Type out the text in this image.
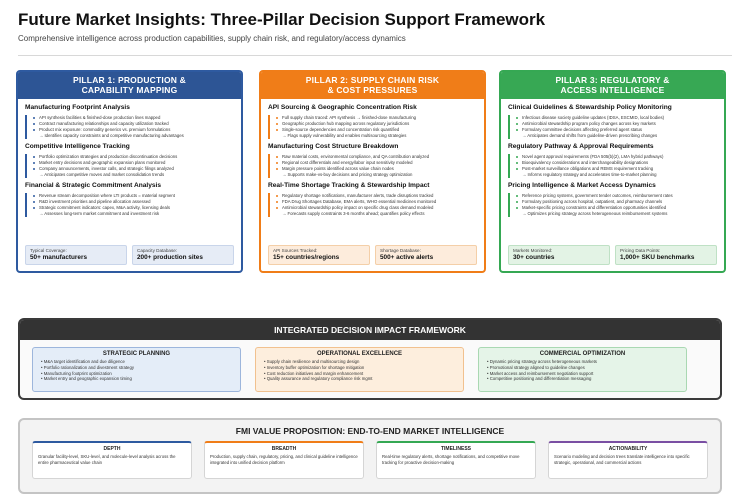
Future Market Insights: Three-Pillar Decision Support Framework
Comprehensive intelligence across production capabilities, supply chain risk, and regulatory/access dynamics
PILLAR 1: PRODUCTION &
CAPABILITY MAPPING
Manufacturing Footprint Analysis
API synthesis facilities & finished-dose production lines mapped
Contract manufacturing relationships and capacity utilization tracked
Product mix exposure: commodity generics vs. premium formulations
→ Identifies capacity constraints and competitive manufacturing advantages
Competitive Intelligence Tracking
Portfolio optimization strategies and production discontinuation decisions
Market entry decisions and geographic expansion plans monitored
Company announcements, investor calls, and strategic filings analyzed
→ Anticipates competitive moves and market consolidation trends
Financial & Strategic Commitment Analysis
Revenue stream decomposition where LTI products = material segment
R&D investment priorities and pipeline allocation assessed
Strategic commitment indicators: capex, M&A activity, licensing deals
→ Assesses long-term market commitment and investment risk
Typical Coverage:
50+ manufacturers
Capacity Database:
200+ production sites
PILLAR 2: SUPPLY CHAIN RISK
& COST PRESSURES
API Sourcing & Geographic Concentration Risk
Full supply chain traced: API synthesis → finished-dose manufacturing
Geographic production hub mapping across regulatory jurisdictions
Single-source dependencies and concentration risk quantified
→ Flags supply vulnerability and enables multisourcing strategies
Manufacturing Cost Structure Breakdown
Raw material costs, environmental compliance, and QA contribution analyzed
Regional cost differentials and energy/labor input sensitivity modeled
Margin pressure points identified across value chain nodes
→ Supports make-vs-buy decisions and pricing strategy optimization
Real-Time Shortage Tracking & Stewardship Impact
Regulatory shortage notifications, manufacturer alerts, trade disruptions tracked
FDA Drug Shortages Database, EMA alerts, WHO essential medicines monitored
Antimicrobial stewardship policy impact on specific drug class demand modeled
→ Forecasts supply constraints 3-6 months ahead; quantifies policy effects
API Sources Tracked:
15+ countries/regions
Shortage Database:
500+ active alerts
PILLAR 3: REGULATORY &
ACCESS INTELLIGENCE
Clinical Guidelines & Stewardship Policy Monitoring
Infectious disease society guideline updates (IDSA, ESCMID, local bodies)
Antimicrobial stewardship program policy changes across key markets
Formulary committee decisions affecting preferred agent status
→ Anticipates demand shifts from guideline-driven prescribing changes
Regulatory Pathway & Approval Requirements
Novel agent approval requirements (FDA 505(b)(2), LMA hybrid pathways)
Bioequivalency considerations and interchangeability designations
Post-market surveillance obligations and REMS requirement tracking
→ Informs regulatory strategy and accelerates time-to-market planning
Pricing Intelligence & Market Access Dynamics
Reference pricing systems, government tender outcomes, reimbursement rates
Formulary positioning across hospital, outpatient, and pharmacy channels
Market-specific pricing constraints and differentiation opportunities identified
→ Optimizes pricing strategy across heterogeneous reimbursement systems
Markets Monitored:
30+ countries
Pricing Data Points:
1,000+ SKU benchmarks
INTEGRATED DECISION IMPACT FRAMEWORK
STRATEGIC PLANNING
• M&A target identification and due diligence
• Portfolio rationalization and divestment strategy
• Manufacturing footprint optimization
• Market entry and geographic expansion timing
OPERATIONAL EXCELLENCE
• Supply chain resilience and multisourcing design
• Inventory buffer optimization for shortage mitigation
• Cost reduction initiatives and margin enhancement
• Quality assurance and regulatory compliance risk mgmt
COMMERCIAL OPTIMIZATION
• Dynamic pricing strategy across heterogeneous markets
• Promotional strategy aligned to guideline changes
• Market access and reimbursement negotiation support
• Competitive positioning and differentiation messaging
FMI VALUE PROPOSITION: END-TO-END MARKET INTELLIGENCE
DEPTH
Granular facility-level, SKU-level, and molecule-level analysis across the entire pharmaceutical value chain
BREADTH
Production, supply chain, regulatory, pricing, and clinical guideline intelligence integrated into unified decision platform
TIMELINESS
Real-time regulatory alerts, shortage notifications, and competitive move tracking for proactive decision-making
ACTIONABILITY
Scenario modeling and decision trees translate intelligence into specific strategic, operational, and commercial actions
